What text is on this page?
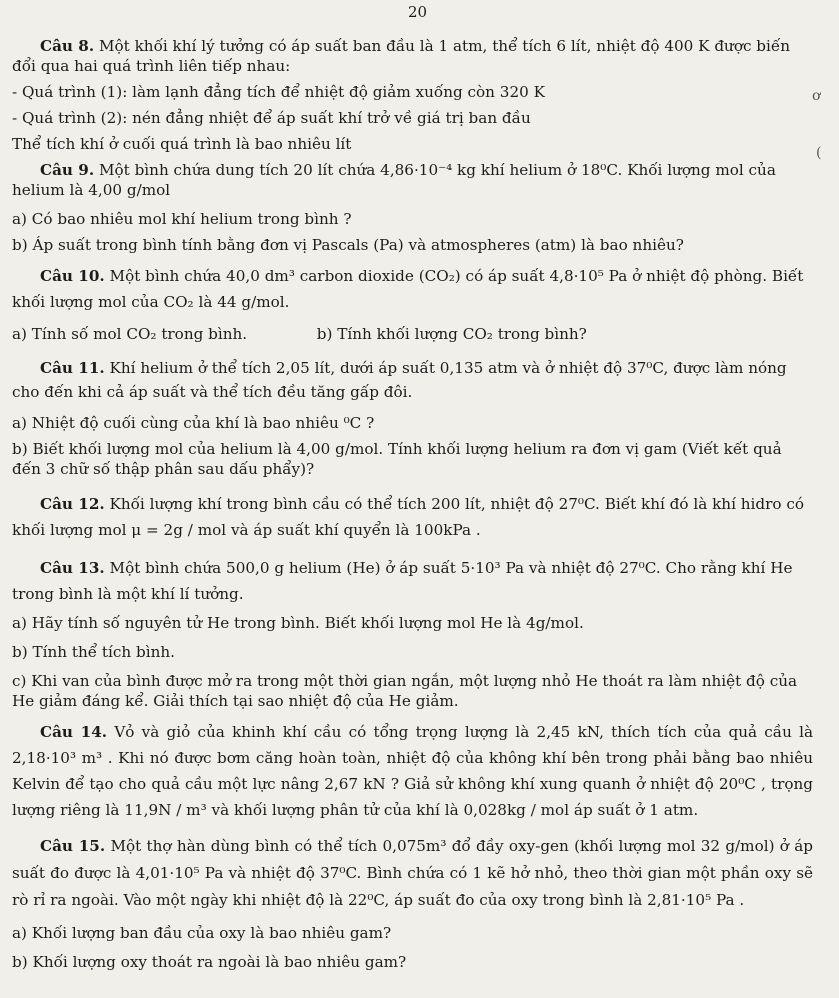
20
ơ
(

Câu 8. Một khối khí lý tưởng có áp suất ban đầu là 1 atm, thể tích 6 lít, nhiệt độ 400 K được biến đổi qua hai quá trình liên tiếp nhau:

- Quá trình (1): làm lạnh đẳng tích để nhiệt độ giảm xuống còn 320 K

- Quá trình (2): nén đẳng nhiệt để áp suất khí trở về giá trị ban đầu

Thể tích khí ở cuối quá trình là bao nhiêu lít

Câu 9. Một bình chứa dung tích 20 lít chứa 4,86·10⁻⁴ kg khí helium ở 18⁰C. Khối lượng mol của helium là 4,00 g/mol

a) Có bao nhiêu mol khí helium trong bình ?

b) Áp suất trong bình tính bằng đơn vị Pascals (Pa) và atmospheres (atm) là bao nhiêu?

Câu 10. Một bình chứa 40,0 dm³ carbon dioxide (CO₂) có áp suất 4,8·10⁵ Pa ở nhiệt độ phòng. Biết khối lượng mol của CO₂ là 44 g/mol.

a) Tính số mol CO₂ trong bình.	b) Tính khối lượng CO₂ trong bình?

Câu 11. Khí helium ở thể tích 2,05 lít, dưới áp suất 0,135 atm và ở nhiệt độ 37⁰C, được làm nóng cho đến khi cả áp suất và thể tích đều tăng gấp đôi.

a) Nhiệt độ cuối cùng của khí là bao nhiêu ⁰C ?

b) Biết khối lượng mol của helium là 4,00 g/mol. Tính khối lượng helium ra đơn vị gam (Viết kết quả đến 3 chữ số thập phân sau dấu phẩy)?

Câu 12. Khối lượng khí trong bình cầu có thể tích 200 lít, nhiệt độ 27⁰C. Biết khí đó là khí hidro có khối lượng mol μ = 2g / mol và áp suất khí quyển là 100kPa .

Câu 13. Một bình chứa 500,0 g helium (He) ở áp suất 5·10³ Pa và nhiệt độ 27⁰C. Cho rằng khí He trong bình là một khí lí tưởng.

a) Hãy tính số nguyên tử He trong bình. Biết khối lượng mol He là 4g/mol.

b) Tính thể tích bình.

c) Khi van của bình được mở ra trong một thời gian ngắn, một lượng nhỏ He thoát ra làm nhiệt độ của He giảm đáng kể. Giải thích tại sao nhiệt độ của He giảm.

Câu 14. Vỏ và giỏ của khinh khí cầu có tổng trọng lượng là 2,45 kN, thích tích của quả cầu là 2,18·10³ m³ . Khi nó được bơm căng hoàn toàn, nhiệt độ của không khí bên trong phải bằng bao nhiêu Kelvin để tạo cho quả cầu một lực nâng 2,67 kN ? Giả sử không khí xung quanh ở nhiệt độ 20⁰C , trọng lượng riêng là 11,9N / m³ và khối lượng phân tử của khí là 0,028kg / mol áp suất ở 1 atm.

Câu 15. Một thợ hàn dùng bình có thể tích 0,075m³ đổ đầy oxy-gen (khối lượng mol 32 g/mol) ở áp suất đo được là 4,01·10⁵ Pa và nhiệt độ 37⁰C. Bình chứa có 1 kẽ hở nhỏ, theo thời gian một phần oxy sẽ rò rỉ ra ngoài. Vào một ngày khi nhiệt độ là 22⁰C, áp suất đo của oxy trong bình là 2,81·10⁵ Pa .

a) Khối lượng ban đầu của oxy là bao nhiêu gam?

b) Khối lượng oxy thoát ra ngoài là bao nhiêu gam?
